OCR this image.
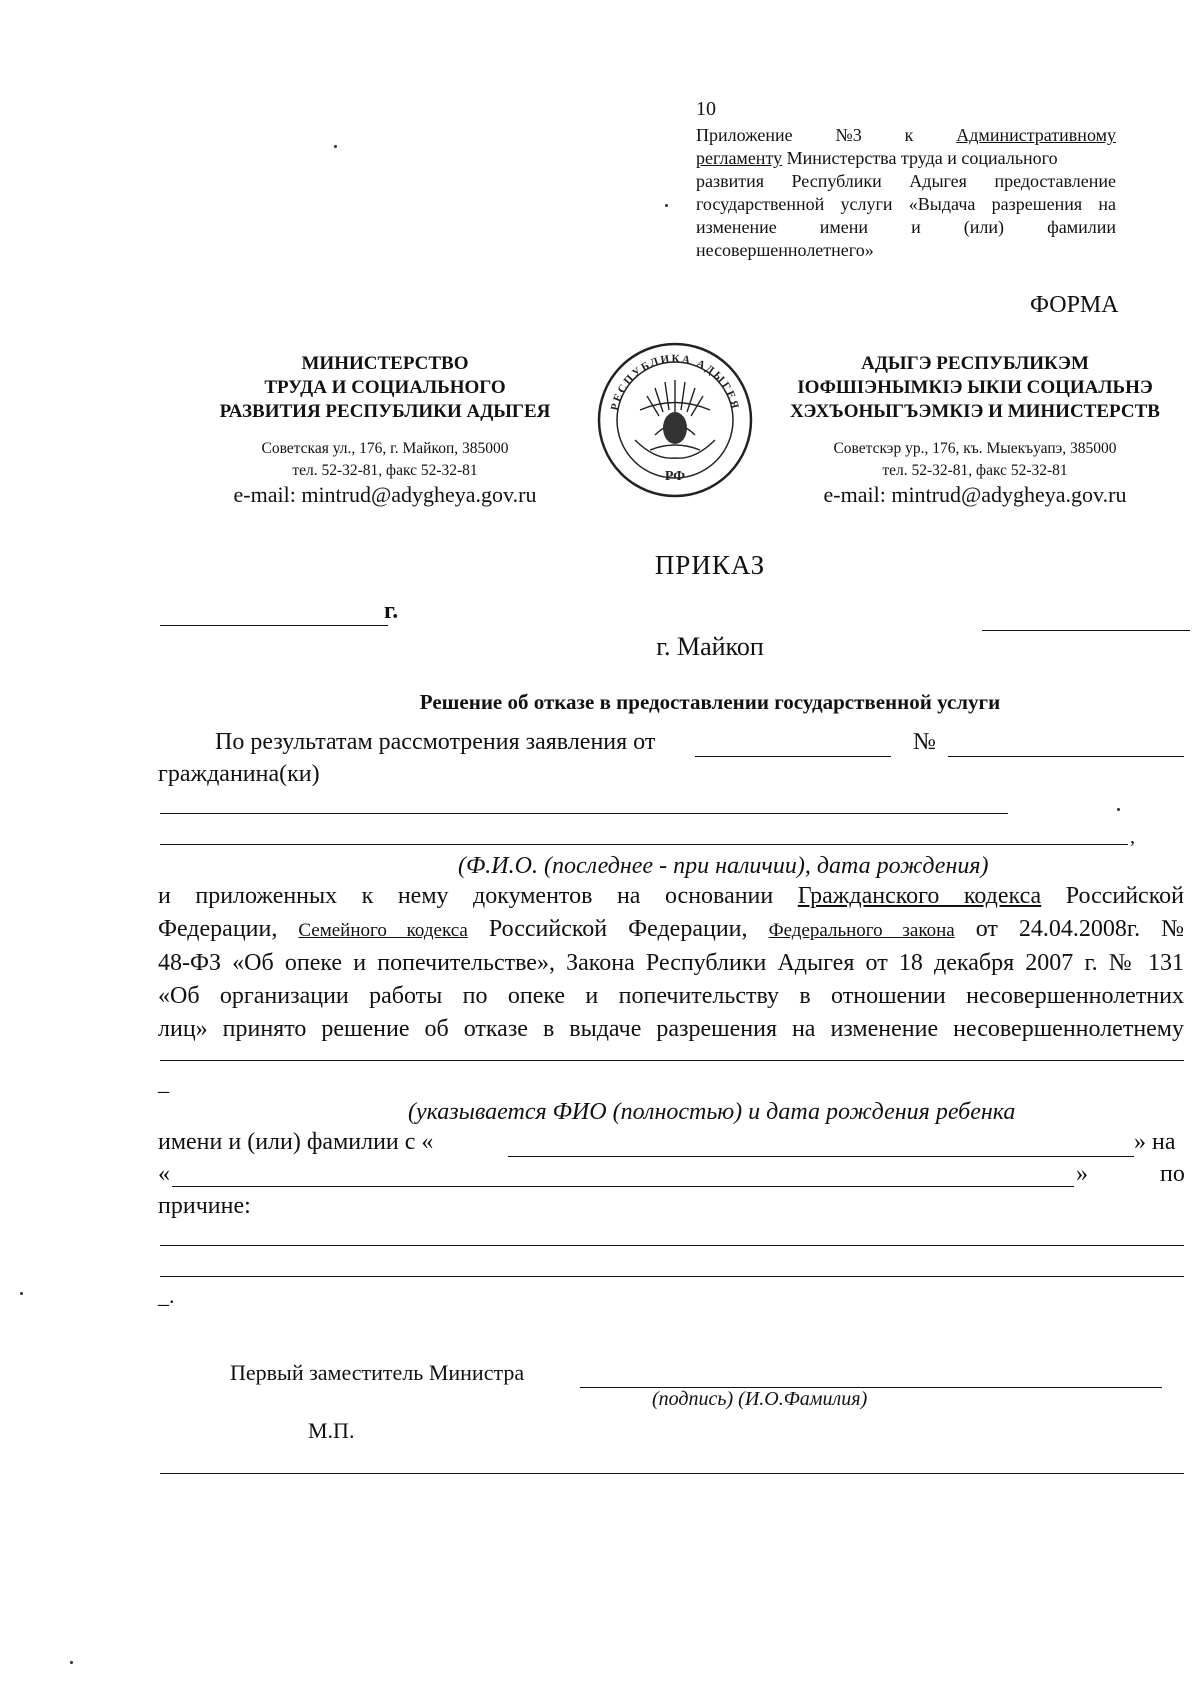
10
Приложение №3 к Административному
регламенту Министерства труда и социального
развития Республики Адыгея предоставление
государственной услуги «Выдача разрешения на
изменение имени и (или) фамилии
несовершеннолетнего»
ФОРМА
МИНИСТЕРСТВО
ТРУДА И СОЦИАЛЬНОГО
РАЗВИТИЯ РЕСПУБЛИКИ АДЫГЕЯ
Советская ул., 176, г. Майкоп, 385000
тел. 52-32-81, факс 52-32-81
e-mail: mintrud@adygheya.gov.ru
РЕСПУБЛИКА АДЫГЕЯ
РФ
АДЫГЭ РЕСПУБЛИКЭМ
IОФШIЭНЫМКIЭ ЫКIИ СОЦИАЛЬНЭ
ХЭХЪОНЫГЪЭМКIЭ И МИНИСТЕРСТВ
Советскэр ур., 176, къ. Мыекъуапэ, 385000
тел. 52-32-81, факс 52-32-81
e-mail: mintrud@adygheya.gov.ru
ПРИКАЗ
г.
г. Майкоп
Решение об отказе в предоставлении государственной услуги
По результатам рассмотрения заявления от	№
гражданина(ки)
,
(Ф.И.О. (последнее - при наличии), дата рождения)
и приложенных к нему документов на основании Гражданского кодекса Российской
Федерации, Семейного кодекса Российской Федерации, Федерального закона от 24.04.2008г. №
48-ФЗ «Об опеке и попечительстве», Закона Республики Адыгея от 18 декабря 2007 г. № 131
«Об организации работы по опеке и попечительству в отношении несовершеннолетних
лиц» принято решение об отказе в выдаче разрешения на изменение несовершеннолетнему
_
(указывается ФИО (полностью) и дата рождения ребенка
имени и (или) фамилии с «	» на
«	»	по
причине:
_.
Первый заместитель Министра
(подпись) (И.О.Фамилия)
М.П.
